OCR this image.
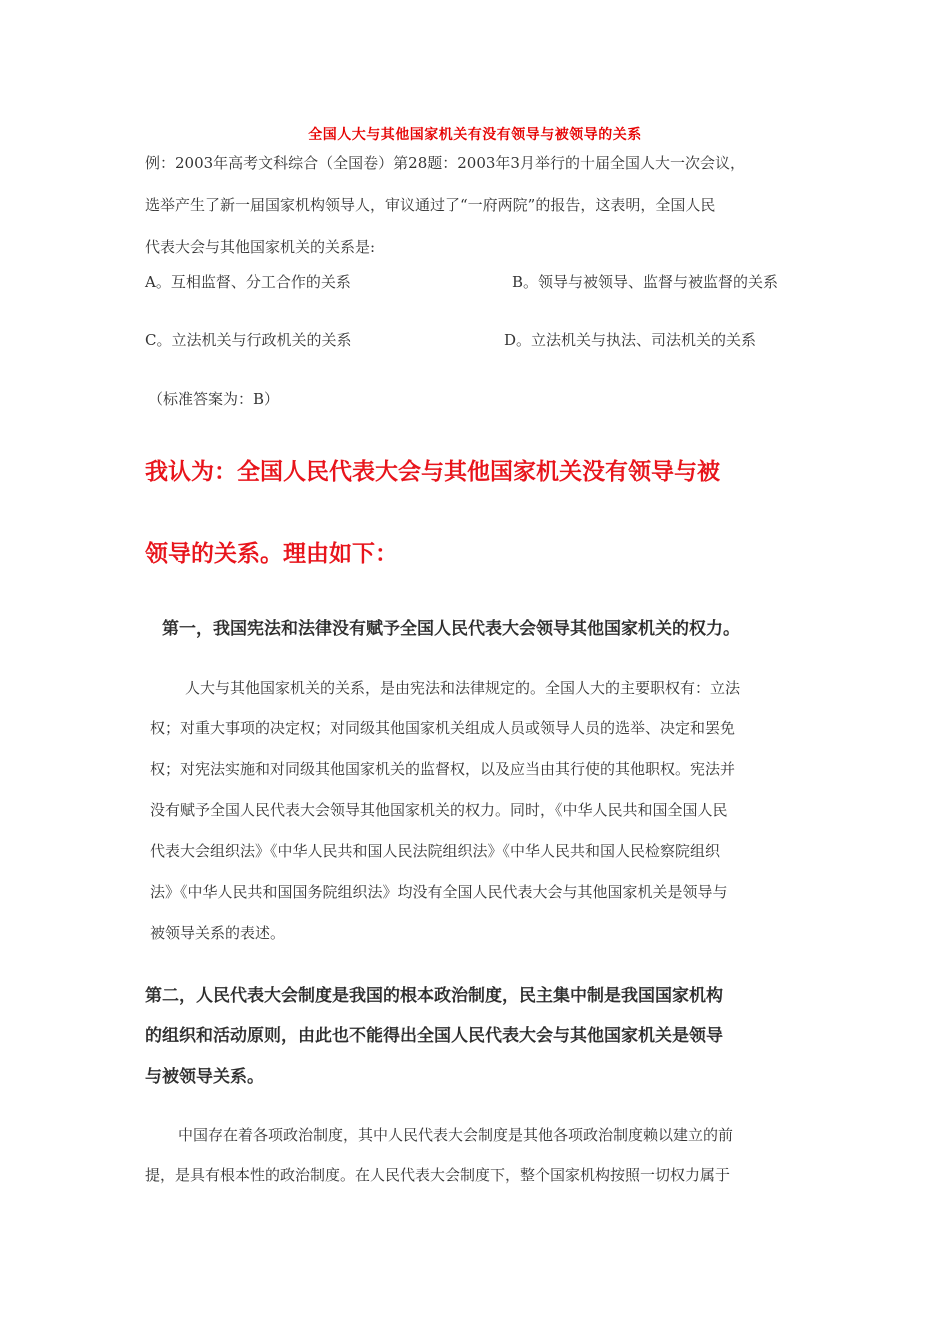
全国人大与其他国家机关有没有领导与被领导的关系
例：2003年高考文科综合（全国卷）第28题：2003年3月举行的十届全国人大一次会议，
选举产生了新一届国家机构领导人，审议通过了“一府两院”的报告，这表明，全国人民
代表大会与其他国家机关的关系是:
A。互相监督、分工合作的关系	B。领导与被领导、监督与被监督的关系
C。立法机关与行政机关的关系	D。立法机关与执法、司法机关的关系
（标准答案为：B）
我认为：全国人民代表大会与其他国家机关没有领导与被
领导的关系。理由如下：
第一，我国宪法和法律没有赋予全国人民代表大会领导其他国家机关的权力。
人大与其他国家机关的关系，是由宪法和法律规定的。全国人大的主要职权有：立法
权；对重大事项的决定权；对同级其他国家机关组成人员或领导人员的选举、决定和罢免
权；对宪法实施和对同级其他国家机关的监督权，以及应当由其行使的其他职权。宪法并
没有赋予全国人民代表大会领导其他国家机关的权力。同时，《中华人民共和国全国人民
代表大会组织法》《中华人民共和国人民法院组织法》《中华人民共和国人民检察院组织
法》《中华人民共和国国务院组织法》均没有全国人民代表大会与其他国家机关是领导与
被领导关系的表述。
第二，人民代表大会制度是我国的根本政治制度，民主集中制是我国国家机构
的组织和活动原则，由此也不能得出全国人民代表大会与其他国家机关是领导
与被领导关系。
中国存在着各项政治制度，其中人民代表大会制度是其他各项政治制度赖以建立的前
提，是具有根本性的政治制度。在人民代表大会制度下，整个国家机构按照一切权力属于
